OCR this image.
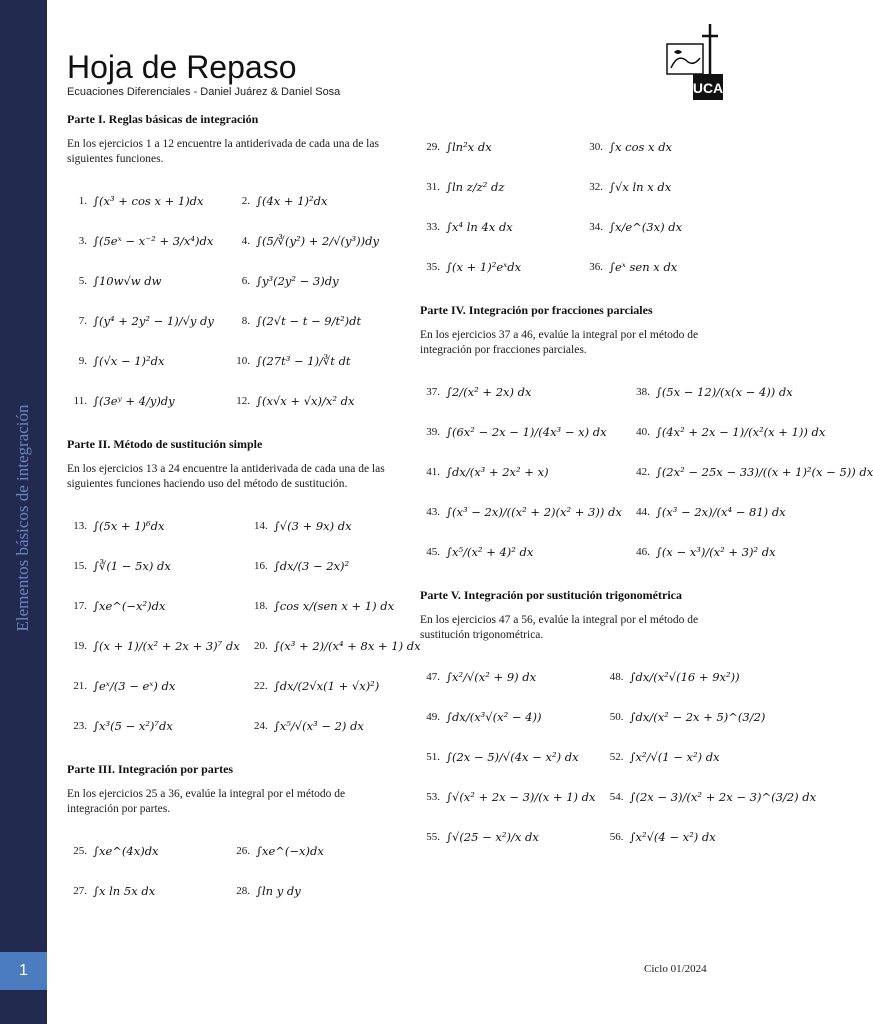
Elementos básicos de integración
1
Hoja de Repaso
Ecuaciones Diferenciales - Daniel Juárez & Daniel Sosa	UCA
Parte I. Reglas básicas de integración
En los ejercicios 1 a 12 encuentre la antiderivada de cada una de las siguientes funciones.
1. ∫(x³ + cos x + 1)dx	2. ∫(4x + 1)²dx
3. ∫(5eˣ − x⁻² + 3/x⁴)dx	4. ∫(5/∛(y²) + 2/√(y³))dy
5. ∫10w√w dw	6. ∫y³(2y² − 3)dy
7. ∫(y⁴ + 2y² − 1)/√y dy	8. ∫(2√t − t − 9/t²)dt
9. ∫(√x − 1)²dx	10. ∫(27t³ − 1)/∛t dt
11. ∫(3eʸ + 4/y)dy	12. ∫(x√x + √x)/x² dx
Parte II. Método de sustitución simple
En los ejercicios 13 a 24 encuentre la antiderivada de cada una de las siguientes funciones haciendo uso del método de sustitución.
13. ∫(5x + 1)⁶dx	14. ∫√(3 + 9x) dx
15. ∫∛(1 − 5x) dx	16. ∫dx/(3 − 2x)²
17. ∫xe^(−x²)dx	18. ∫cos x/(sen x + 1) dx
19. ∫(x + 1)/(x² + 2x + 3)⁷ dx	20. ∫(x³ + 2)/(x⁴ + 8x + 1) dx
21. ∫eˣ/(3 − eˣ) dx	22. ∫dx/(2√x(1 + √x)²)
23. ∫x³(5 − x²)⁷dx	24. ∫x⁵/√(x³ − 2) dx
Parte III. Integración por partes
En los ejercicios 25 a 36, evalúe la integral por el método de integración por partes.
25. ∫xe^(4x)dx	26. ∫xe^(−x)dx
27. ∫x ln 5x dx	28. ∫ln y dy
29. ∫ln²x dx	30. ∫x cos x dx
31. ∫ln z/z² dz	32. ∫√x ln x dx
33. ∫x⁴ ln 4x dx	34. ∫x/e^(3x) dx
35. ∫(x + 1)²eˣdx	36. ∫eˣ sen x dx
Parte IV. Integración por fracciones parciales
En los ejercicios 37 a 46, evalúe la integral por el método de integración por fracciones parciales.
37. ∫2/(x² + 2x) dx	38. ∫(5x − 12)/(x(x − 4)) dx
39. ∫(6x² − 2x − 1)/(4x³ − x) dx	40. ∫(4x² + 2x − 1)/(x²(x + 1)) dx
41. ∫dx/(x³ + 2x² + x)	42. ∫(2x² − 25x − 33)/((x + 1)²(x − 5)) dx
43. ∫(x³ − 2x)/((x² + 2)(x² + 3)) dx	44. ∫(x³ − 2x)/(x⁴ − 81) dx
45. ∫x⁵/(x² + 4)² dx	46. ∫(x − x³)/(x² + 3)² dx
Parte V. Integración por sustitución trigonométrica
En los ejercicios 47 a 56, evalúe la integral por el método de sustitución trigonométrica.
47. ∫x²/√(x² + 9) dx	48. ∫dx/(x²√(16 + 9x²))
49. ∫dx/(x³√(x² − 4))	50. ∫dx/(x² − 2x + 5)^(3/2)
51. ∫(2x − 5)/√(4x − x²) dx	52. ∫x²/√(1 − x²) dx
53. ∫√(x² + 2x − 3)/(x + 1) dx	54. ∫(2x − 3)/(x² + 2x − 3)^(3/2) dx
55. ∫√(25 − x²)/x dx	56. ∫x²√(4 − x²) dx
Ciclo 01/2024
